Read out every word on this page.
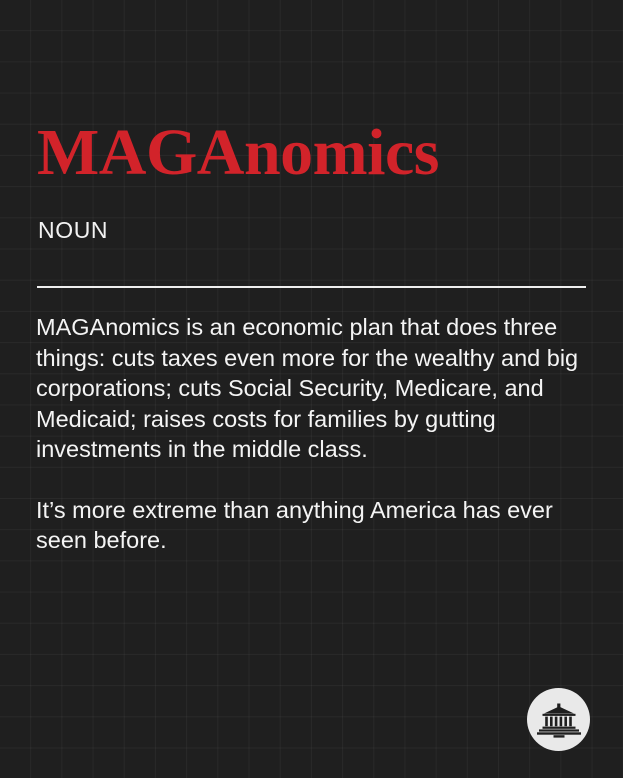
MAGAnomics
NOUN

MAGAnomics is an economic plan that does three things: cuts taxes even more for the wealthy and big corporations; cuts Social Security, Medicare, and Medicaid; raises costs for families by gutting investments in the middle class.

It’s more extreme than anything America has ever seen before.
